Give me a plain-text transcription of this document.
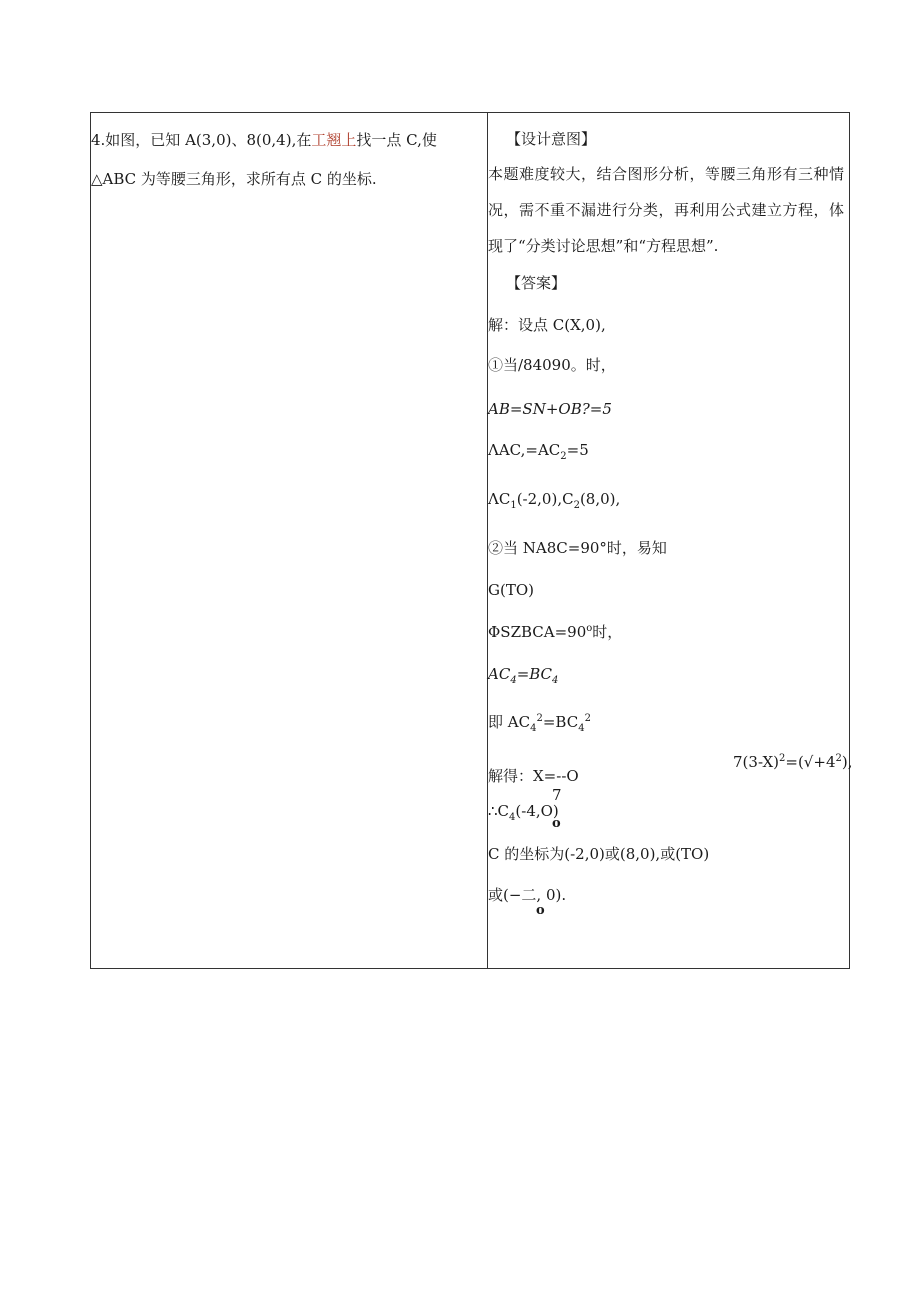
4.如图，已知 A(3,0)、8(0,4),在工翘上找一点 C,使
△ABC 为等腰三角形，求所有点 C 的坐标.
【设计意图】
本题难度较大，结合图形分析，等腰三角形有三种情况，需不重不漏进行分类，再利用公式建立方程，体现了“分类讨论思想”和“方程思想”.
【答案】
解：设点 C(X,0),
①当/84090。时，
AB=SN+OB?=5
$\Lambda AC,=AC_2=5$
$\Lambda C_1(-2,0),C_2(8,0)$,
②当 NA8C=90°时，易知
G(TO)
$\Phi SZBCA=90^o$时，
$AC_4=BC_4$
即 $AC_4^2=BC_4^2$
$7(3-X)^2=(√+4^2)$,
解得：X=--O
7
$\therefore C_4(-4,O)$
o
C 的坐标为(-2,0)或(8,0),或(TO)
或(−二, 0).
o
